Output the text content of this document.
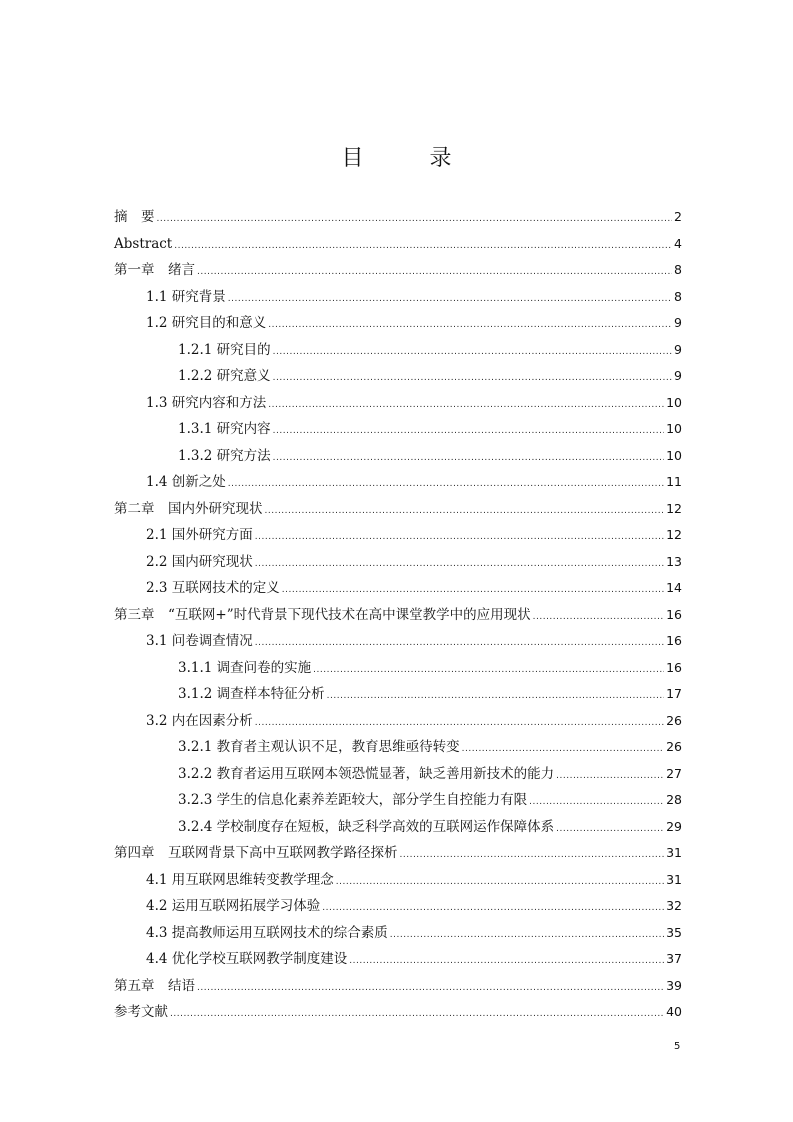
目　录
摘　要 .....	2
Abstract .....	4
第一章　绪言 .....	8
1.1 研究背景 .....	8
1.2 研究目的和意义 .....	9
1.2.1 研究目的 .....	9
1.2.2 研究意义 .....	9
1.3 研究内容和方法 .....	10
1.3.1 研究内容 .....	10
1.3.2 研究方法 .....	10
1.4 创新之处 .....	11
第二章　国内外研究现状 .....	12
2.1 国外研究方面 .....	12
2.2 国内研究现状 .....	13
2.3 互联网技术的定义 .....	14
第三章　“互联网+”时代背景下现代技术在高中课堂教学中的应用现状 .....	16
3.1 问卷调查情况 .....	16
3.1.1 调查问卷的实施 .....	16
3.1.2 调查样本特征分析 .....	17
3.2 内在因素分析 .....	26
3.2.1 教育者主观认识不足，教育思维亟待转变 .....	26
3.2.2 教育者运用互联网本领恐慌显著，缺乏善用新技术的能力 .....	27
3.2.3 学生的信息化素养差距较大，部分学生自控能力有限 .....	28
3.2.4 学校制度存在短板，缺乏科学高效的互联网运作保障体系 .....	29
第四章　互联网背景下高中互联网教学路径探析 .....	31
4.1 用互联网思维转变教学理念 .....	31
4.2 运用互联网拓展学习体验 .....	32
4.3 提高教师运用互联网技术的综合素质 .....	35
4.4 优化学校互联网教学制度建设 .....	37
第五章　结语 .....	39
参考文献 .....	40
5
